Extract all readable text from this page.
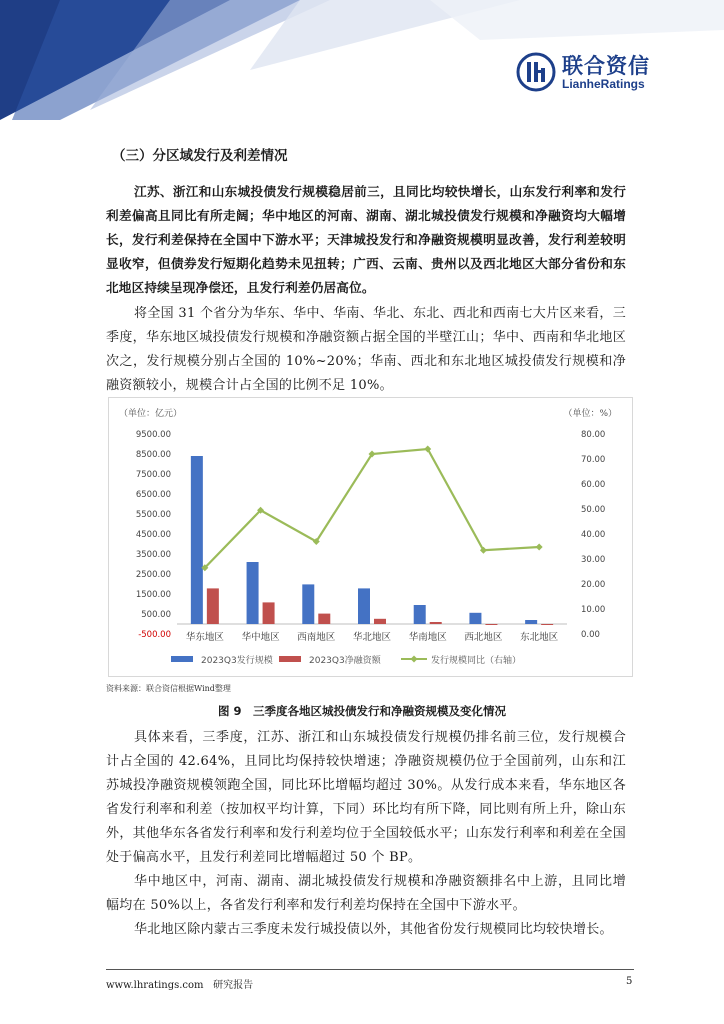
联合资信
LianheRatings
（三）分区域发行及利差情况
江苏、浙江和山东城投债发行规模稳居前三，且同比均较快增长，山东发行利率和发行利差偏高且同比有所走阔；华中地区的河南、湖南、湖北城投债发行规模和净融资均大幅增长，发行利差保持在全国中下游水平；天津城投发行和净融资规模明显改善，发行利差较明显收窄，但债券发行短期化趋势未见扭转；广西、云南、贵州以及西北地区大部分省份和东北地区持续呈现净偿还，且发行利差仍居高位。
将全国 31 个省分为华东、华中、华南、华北、东北、西北和西南七大片区来看，三季度，华东地区城投债发行规模和净融资额占据全国的半壁江山；华中、西南和华北地区次之，发行规模分别占全国的 10%~20%；华南、西北和东北地区城投债发行规模和净融资额较小，规模合计占全国的比例不足 10%。
（单位：亿元）	（单位：%）
9500.00
8500.00
7500.00
6500.00
5500.00
4500.00
3500.00
2500.00
1500.00
500.00
-500.00
80.00
70.00
60.00
50.00
40.00
30.00
20.00
10.00
0.00
华东地区 华中地区 西南地区 华北地区 华南地区 西北地区 东北地区
2023Q3发行规模	2023Q3净融资额	发行规模同比（右轴）
资料来源：联合资信根据Wind整理
图 9　三季度各地区城投债发行和净融资规模及变化情况
具体来看，三季度，江苏、浙江和山东城投债发行规模仍排名前三位，发行规模合计占全国的 42.64%，且同比均保持较快增速；净融资规模仍位于全国前列，山东和江苏城投净融资规模领跑全国，同比环比增幅均超过 30%。从发行成本来看，华东地区各省发行利率和利差（按加权平均计算，下同）环比均有所下降，同比则有所上升，除山东外，其他华东各省发行利率和发行利差均位于全国较低水平；山东发行利率和利差在全国处于偏高水平，且发行利差同比增幅超过 50 个 BP。
华中地区中，河南、湖南、湖北城投债发行规模和净融资额排名中上游，且同比增幅均在 50%以上，各省发行利率和发行利差均保持在全国中下游水平。
华北地区除内蒙古三季度未发行城投债以外，其他省份发行规模同比均较快增长。
www.lhratings.com 研究报告	5
